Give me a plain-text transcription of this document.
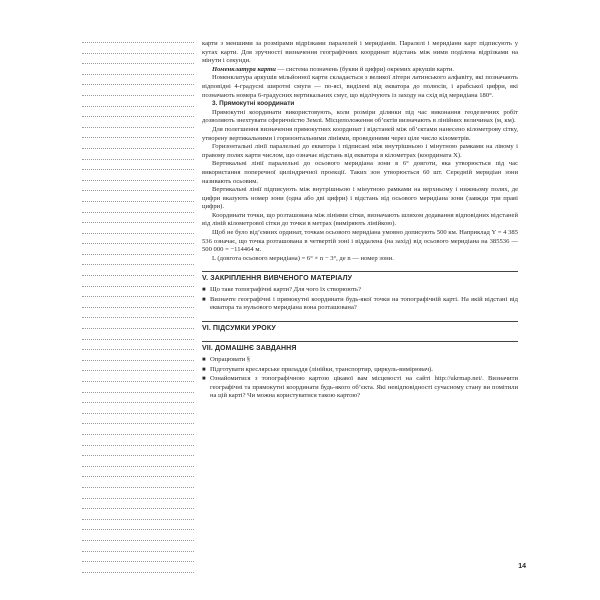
карти з меншими за розмірами відрізками паралелей і меридіанів. Паралелі і меридіани карт підписують у кутах карти. Для зручності визначення географічних координат відстань між ними поділена відрізками на мінути і секунди.

Номенклатура карти — система позначень (букви й цифри) окремих аркушів карти.

Номенклатура аркушів мільйонної карти складається з великої літери латинського алфавіту, які позначають відповідні 4-градусні широтні смуги — по-ясі, виділені від екватора до полюсів, і арабської цифри, які позначають номера 6-градусних вертикальних смуг, що відлічують із заходу на схід від меридіана 180°.

3. Прямокутні координати

Прямокутні координати використовують, коли розміри ділянки під час виконання геодезичних робіт дозволяють знехтувати сферичністю Землі. Місцеположення об’єктів визначають в лінійних величинах (м, км).

Для полегшення визначення прямокутних координат і відстаней між об’єктами нанесено кілометрову сітку, утворену вертикальними і горизонтальними лініями, проведеними через ціле число кілометрів.

Горизонтальні лінії паралельні до екватора і підписані між внутрішньою і мінутною рамками на лівому і правому полях карти числом, що означає відстань від екватора в кілометрах (координата X).

Вертикальні лінії паралельні до осьового меридіана зони в 6° довготи, яка утворюється під час використання поперечної циліндричної проекції. Таких зон утворюється 60 шт. Середній меридіан зони називають осьовим.

Вертикальні лінії підписують між внутрішньою і мінутною рамками на верхньому і нижньому полях, де цифри вказують номер зони (одна або дві цифри) і відстань від осьового меридіана зони (завжди три праві цифри).

Координати точки, що розташована між лініями сітки, визначають шляхом додавання відповідних відстаней від ліній кілометрової сітки до точки в метрах (виміряють лінійкою).

Щоб не було від’ємних ординат, точкам осьового меридіана умовно дописують 500 км. Наприклад Y = 4 385 536 означає, що точка розташована в четвертій зоні і віддалена (на захід) від осьового меридіана на 385536 — 500 000 = −114464 м.

L (довгота осьового меридіана) = 6° × n − 3°, де n — номер зони.

V. ЗАКРІПЛЕННЯ ВИВЧЕНОГО МАТЕРІАЛУ
■ Що таке топографічні карти? Для чого їх створюють?
■ Визначте географічні і прямокутні координати будь-якої точки на топографічній карті. На якій відстані від екватора та нульового меридіана вона розташована?
VI. ПІДСУМКИ УРОКУ
VII. ДОМАШНЄ ЗАВДАННЯ
■ Опрацювати §
■ Підготувати креслярське приладдя (лінійки, транспортир, циркуль-вимірювач).
■ Ознайомитися з топографічною картою цікавої вам місцевості на сайті http://ukrmap.net/. Визначити географічні та прямокутні координати будь-якого об’єкта. Які невідповідності сучасному стану ви помітили на цій карті? Чи можна користуватися такою картою?
14
